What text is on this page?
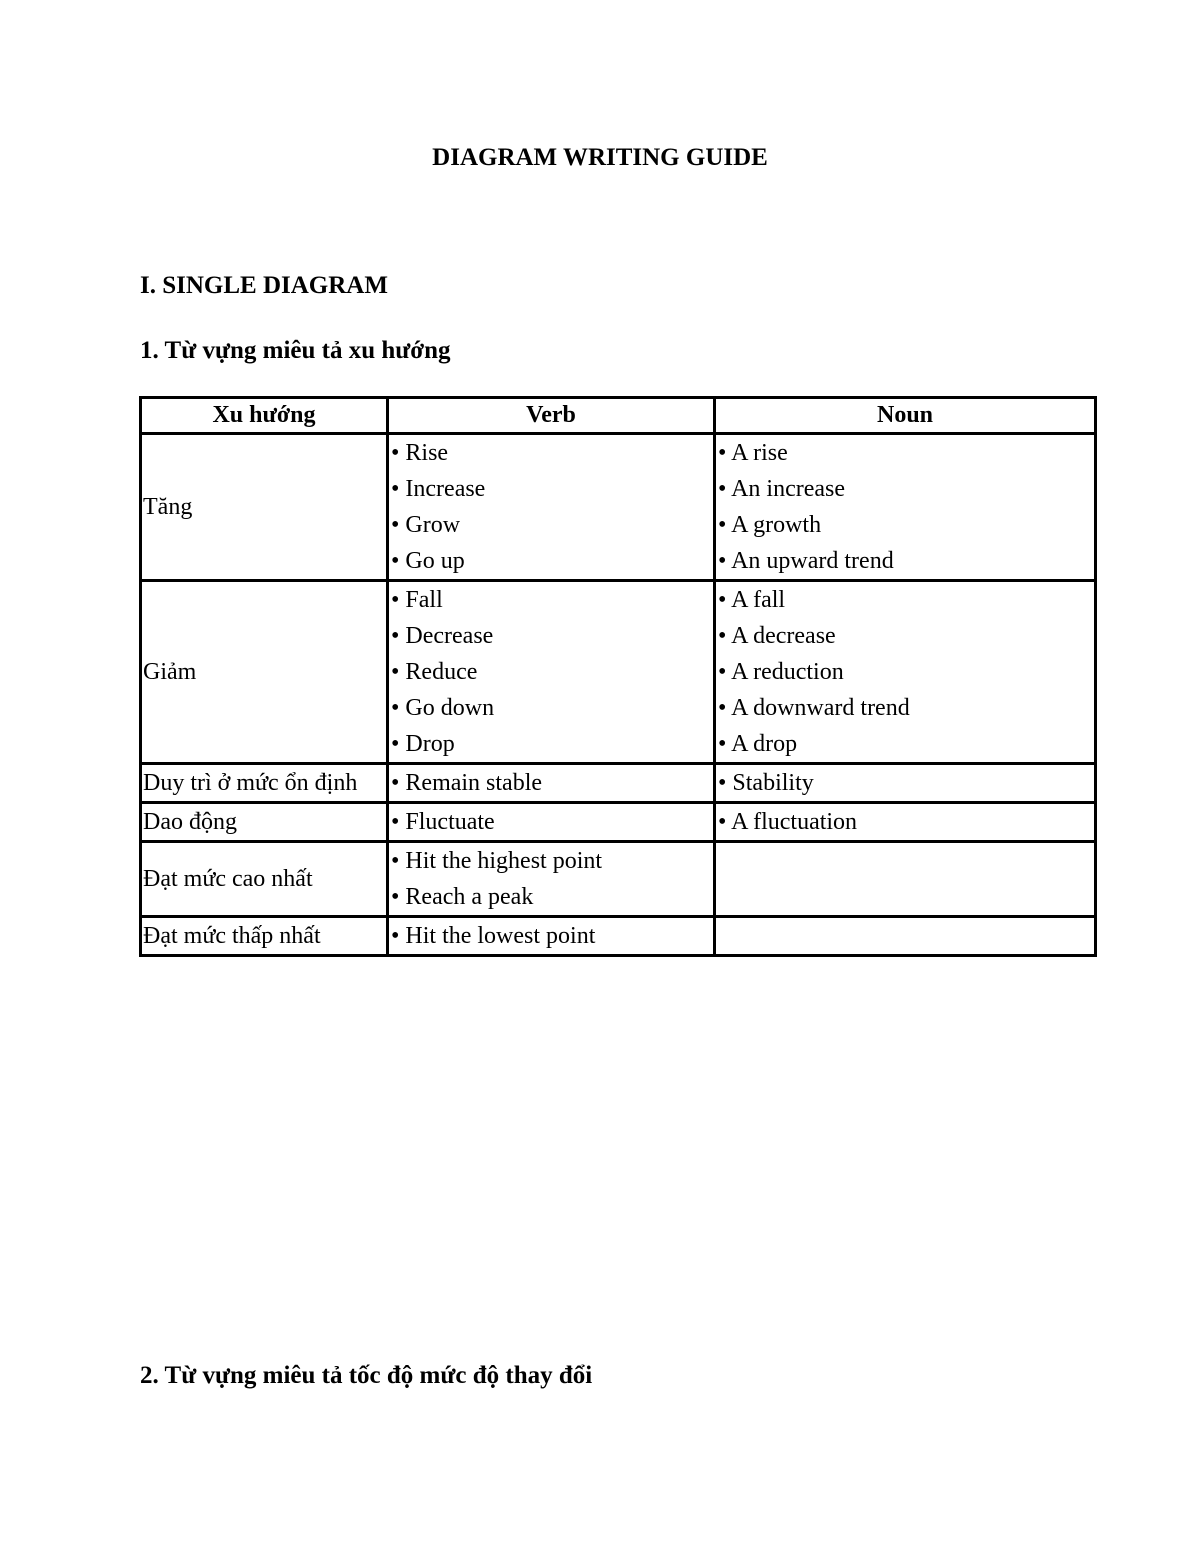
DIAGRAM WRITING GUIDE
I. SINGLE DIAGRAM
1. Từ vựng miêu tả xu hướng
Xu hướng	Verb	Noun
Tăng	• Rise
• Increase
• Grow
• Go up	• A rise
• An increase
• A growth
• An upward trend

Giảm	• Fall
• Decrease
• Reduce
• Go down
• Drop	• A fall
• A decrease
• A reduction
• A downward trend
• A drop

Duy trì ở mức ổn định	• Remain stable	• Stability

Dao động	• Fluctuate	• A fluctuation

Đạt mức cao nhất	• Hit the highest point
• Reach a peak	

Đạt mức thấp nhất	• Hit the lowest point	

2. Từ vựng miêu tả tốc độ mức độ thay đổi
